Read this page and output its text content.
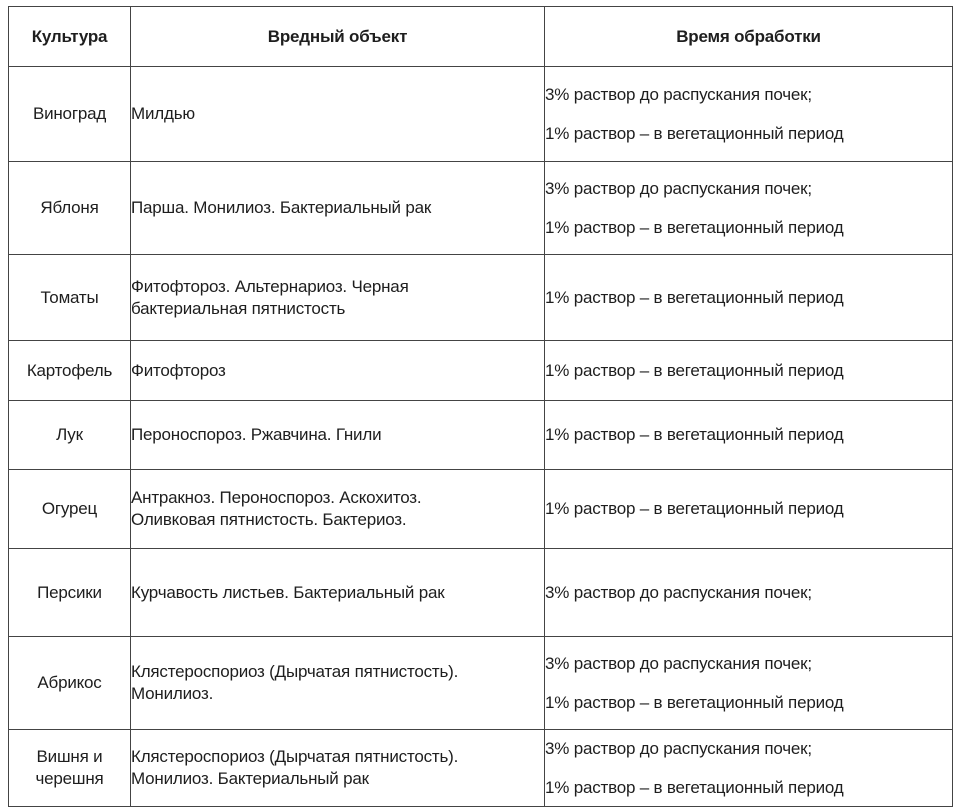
Культура	Вредный объект	Время обработки

Виноград	Милдью	3% раствор до распускания почек;
1% раствор – в вегетационный период

Яблоня	Парша. Монилиоз. Бактериальный рак	3% раствор до распускания почек;
1% раствор – в вегетационный период

Томаты	Фитофтороз. Альтернариоз. Черная
бактериальная пятнистость	1% раствор – в вегетационный период

Картофель	Фитофтороз	1% раствор – в вегетационный период

Лук	Пероноспороз. Ржавчина. Гнили	1% раствор – в вегетационный период

Огурец	Антракноз. Пероноспороз. Аскохитоз.
Оливковая пятнистость. Бактериоз.	1% раствор – в вегетационный период

Персики	Курчавость листьев. Бактериальный рак	3% раствор до распускания почек;

Абрикос	Клястероспориоз (Дырчатая пятнистость).
Монилиоз.	3% раствор до распускания почек;
1% раствор – в вегетационный период

Вишня и
черешня	Клястероспориоз (Дырчатая пятнистость).
Монилиоз. Бактериальный рак	3% раствор до распускания почек;
1% раствор – в вегетационный период
